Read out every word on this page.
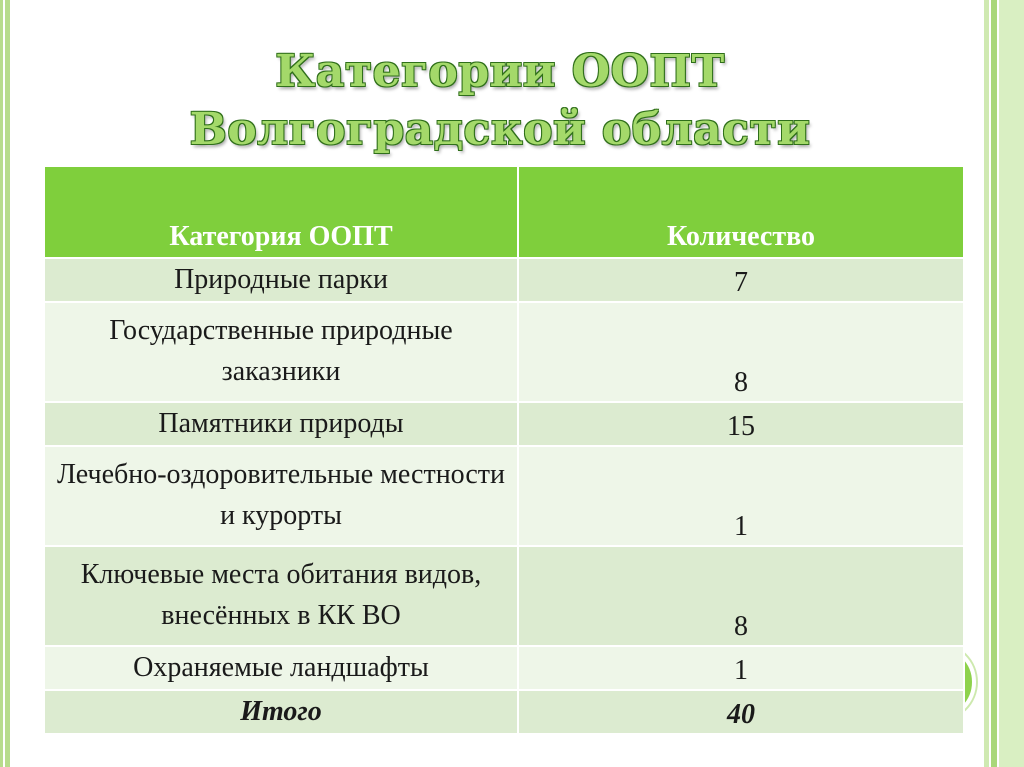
Категории ООПТ
Волгоградской области
Категория ООПТ	Количество
Природные парки	7
Государственные природные заказники	8
Памятники природы	15
Лечебно-оздоровительные местности и курорты	1
Ключевые места обитания видов, внесённых в КК ВО	8
Охраняемые ландшафты	1
Итого	40
